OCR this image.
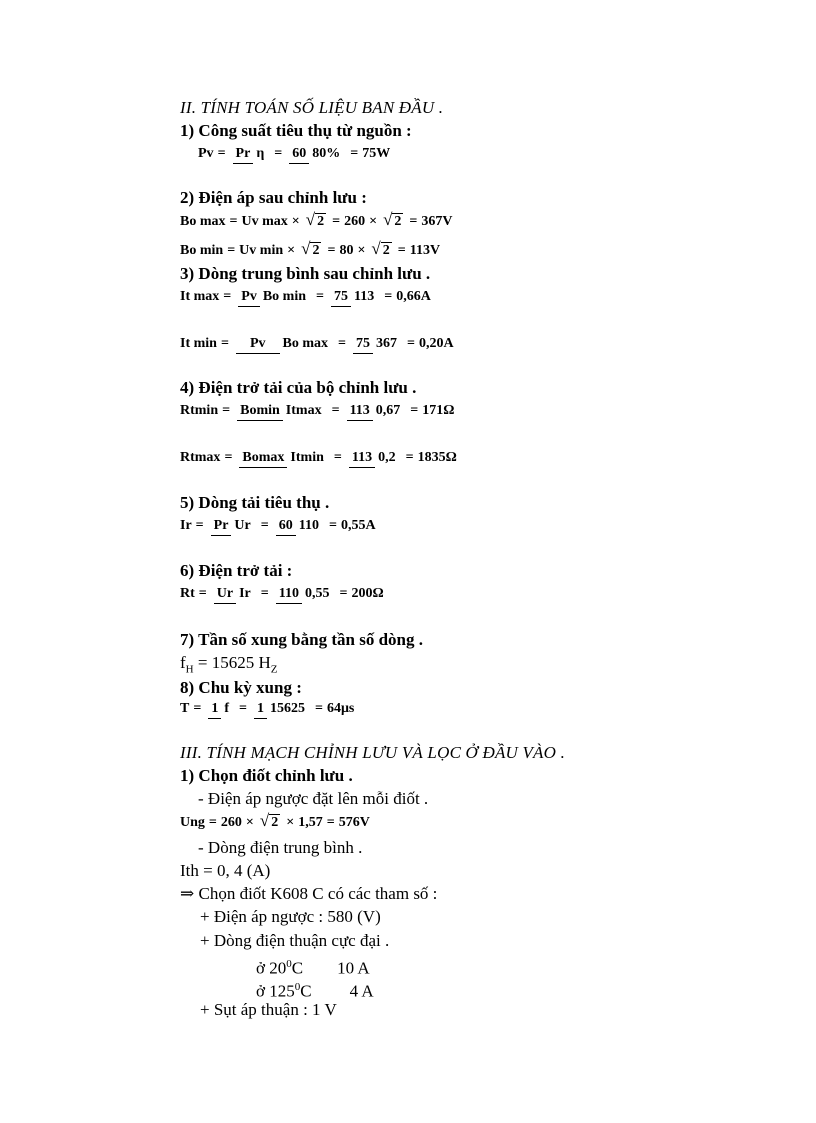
II. TÍNH TOÁN SỐ LIỆU BAN ĐẦU .
1) Công suất tiêu thụ từ nguồn :
Pv = Pr η = 60 80% = 75W
2) Điện áp sau chỉnh lưu :
Bo max = Uv max × √ 2 = 260 × √ 2 = 367V
Bo min = Uv min × √ 2 = 80 × √ 2 = 113V
3) Dòng trung bình sau chỉnh lưu .
It max = Pv Bo min = 75 113 = 0,66A
It min =	Pv Bo max = 75 367 = 0,20A
4) Điện trở tải của bộ chỉnh lưu .
Rtmin = Bomin Itmax = 113 0,67 = 171Ω
Rtmax = Bomax Itmin = 113 0,2 = 1835Ω
5) Dòng tải tiêu thụ .
Ir = Pr Ur = 60 110 = 0,55A
6) Điện trở tải :
Rt = Ur Ir = 110 0,55 = 200Ω
7) Tần số xung bằng tần số dòng .
$f_H = 15625$ $H_Z$
8) Chu kỳ xung :
T = 1 f = 1 15625 = 64μs
III. TÍNH MẠCH CHỈNH LƯU VÀ LỌC Ở ĐẦU VÀO .
1) Chọn điốt chỉnh lưu .
- Điện áp ngược đặt lên mỗi điốt .
Ung = 260 × √ 2 × 1,57 = 576V
- Dòng điện trung bình .
Ith = 0, 4 (A)
⇒ Chọn điốt K608 C có các tham số :
+ Điện áp ngược : 580 (V)
+ Dòng điện thuận cực đại .
ở $20^0C$ 10 A
ở $125^0C$ 4 A
+ Sụt áp thuận : 1 V
